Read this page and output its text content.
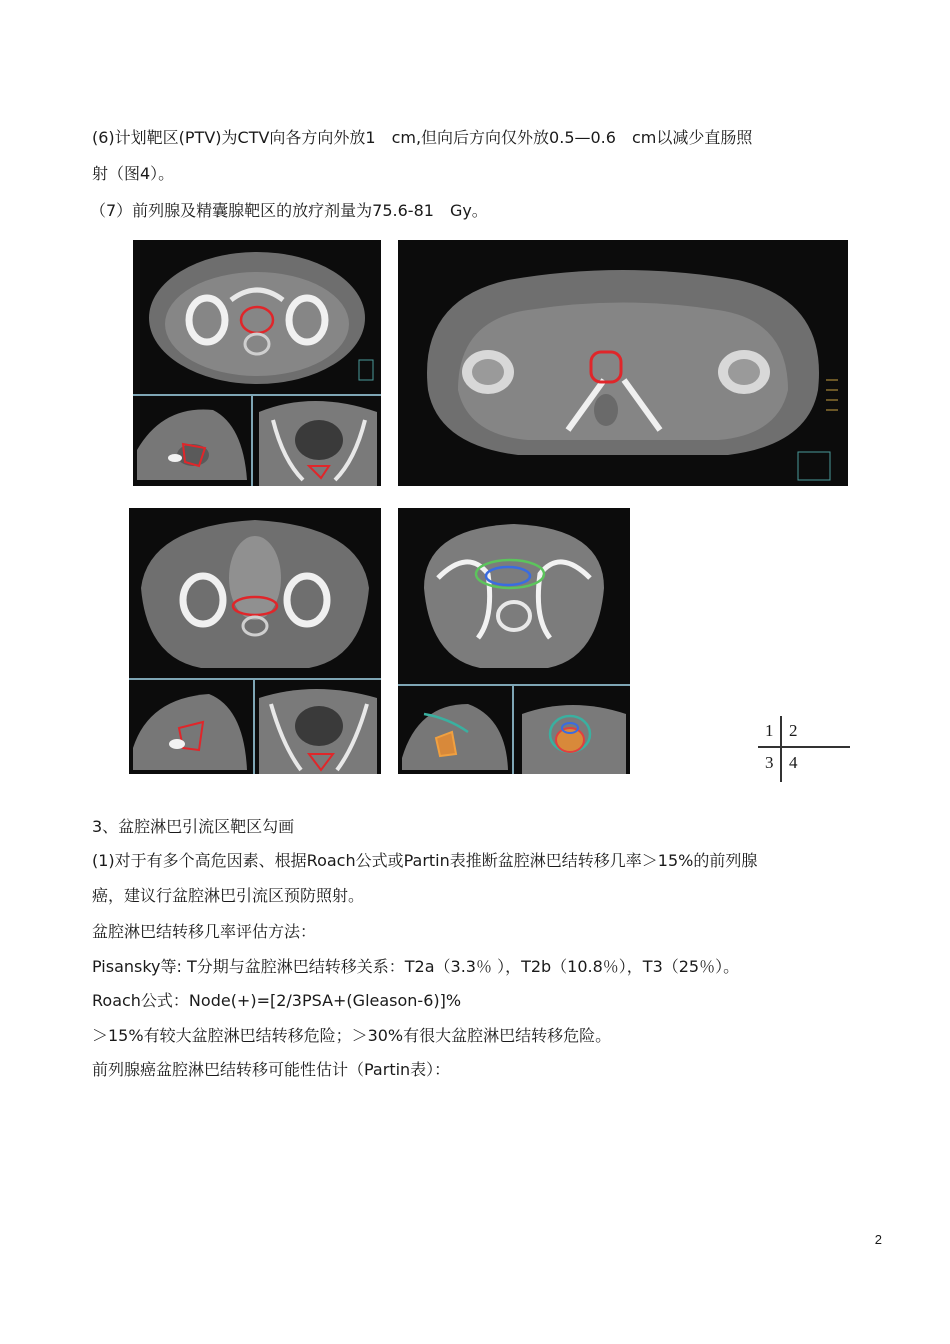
(6)计划靶区(PTV)为CTV向各方向外放1　cm,但向后方向仅外放0.5—0.6　cm以减少直肠照
射（图4）。
（7）前列腺及精囊腺靶区的放疗剂量为75.6-81　Gy。
1 2
3 4
3、盆腔淋巴引流区靶区勾画
(1)对于有多个高危因素、根据Roach公式或Partin表推断盆腔淋巴结转移几率＞15%的前列腺
癌，建议行盆腔淋巴引流区预防照射。
盆腔淋巴结转移几率评估方法：
Pisansky等: T分期与盆腔淋巴结转移关系：T2a（3.3％ ），T2b（10.8％），T3（25％）。
Roach公式：Node(+)=[2/3PSA+(Gleason-6)]%
＞15%有较大盆腔淋巴结转移危险；＞30%有很大盆腔淋巴结转移危险。
前列腺癌盆腔淋巴结转移可能性估计（Partin表）：
2
